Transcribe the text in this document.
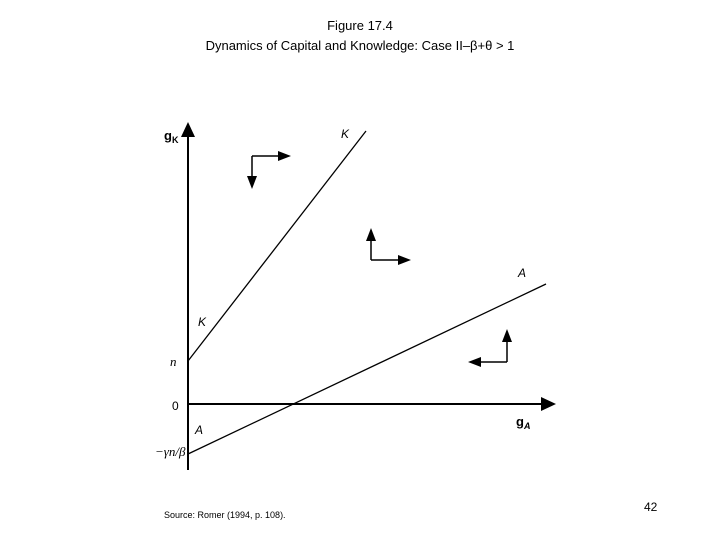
Figure 17.4
Dynamics of Capital and Knowledge: Case II–β+θ > 1
$g_K$
$g_A$
n
0
−γn/β
K
K
A
A
Source: Romer (1994, p. 108).
42
